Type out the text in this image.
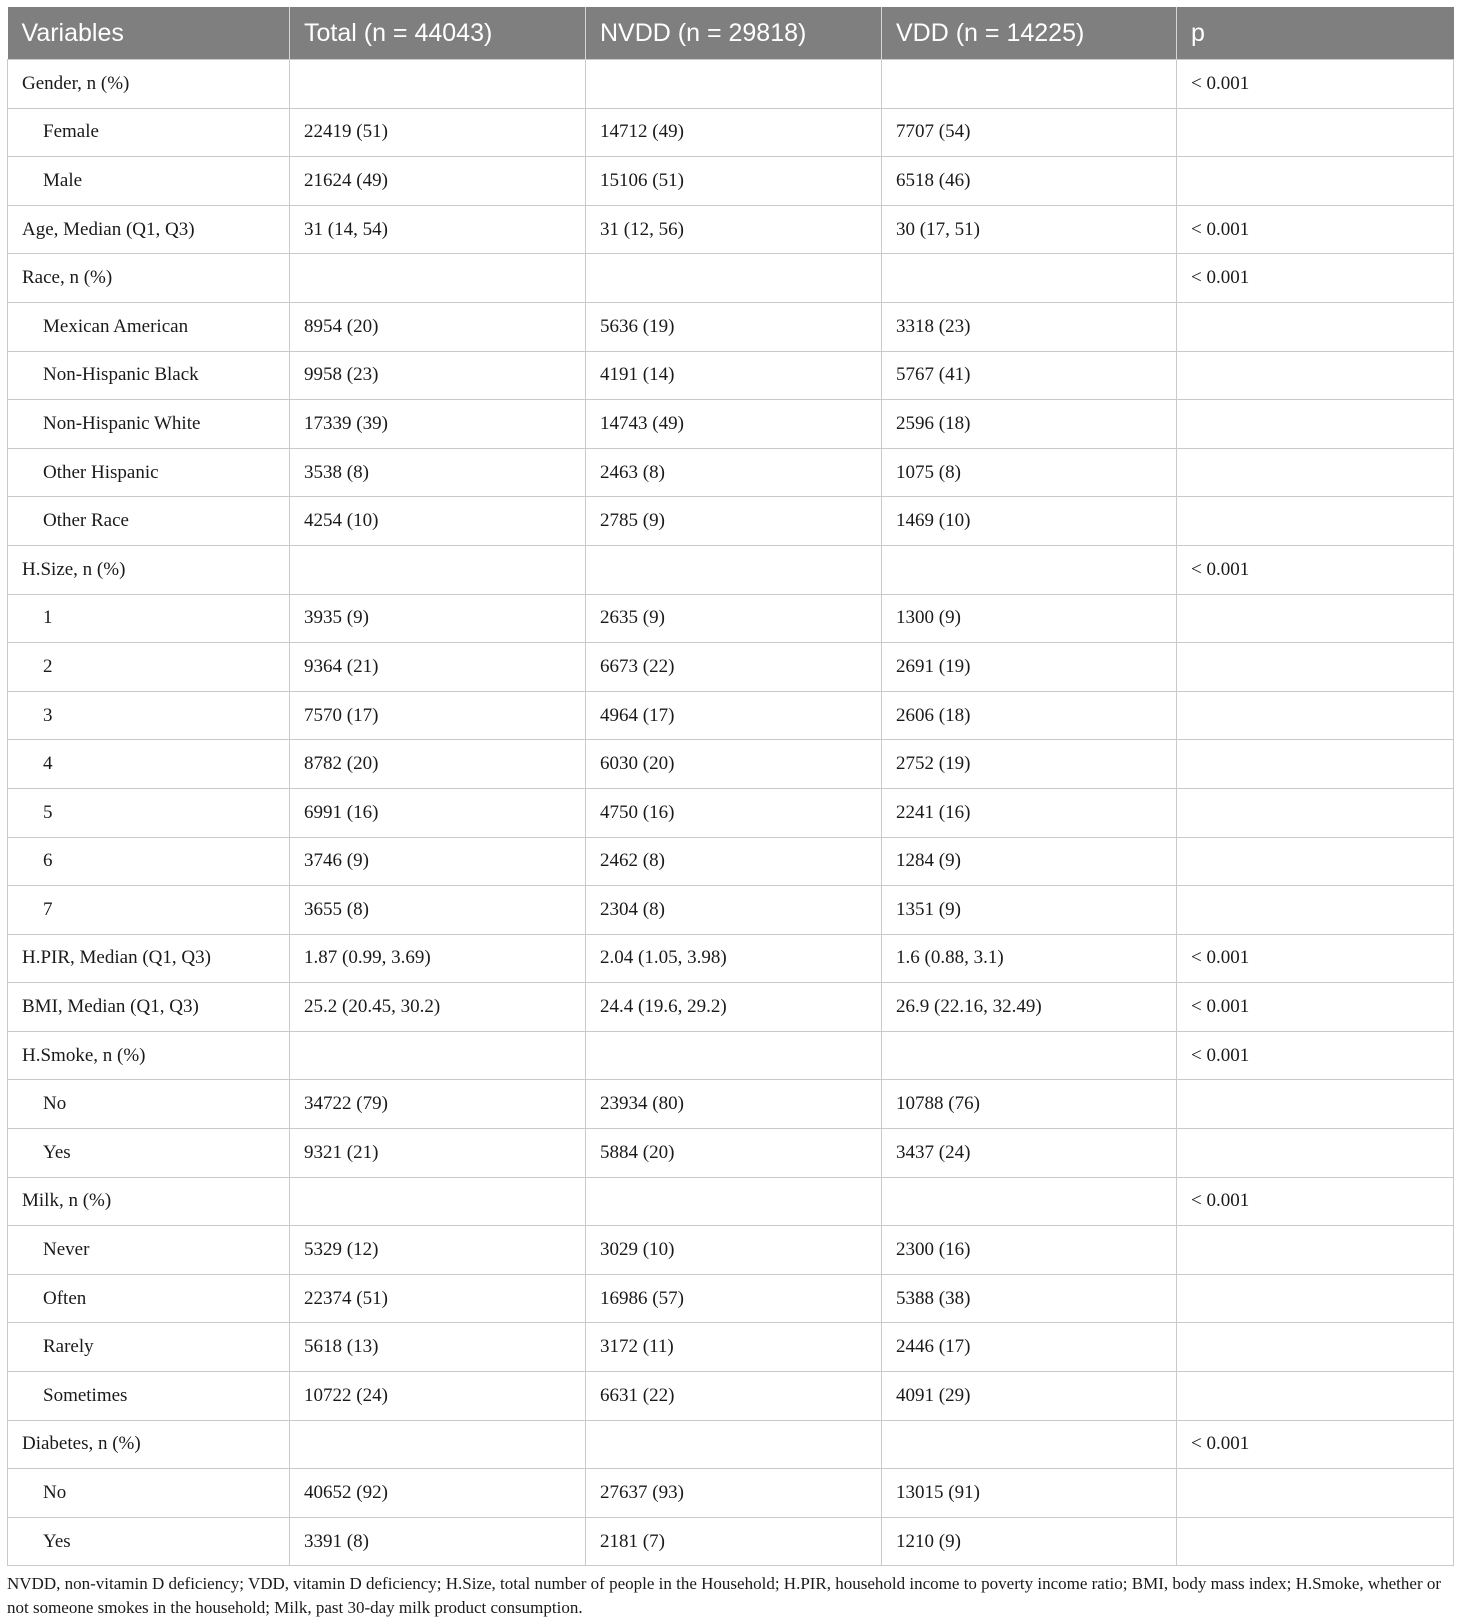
Variables	Total (n = 44043)	NVDD (n = 29818)	VDD (n = 14225)	p
Gender, n (%)				< 0.001
Female	22419 (51)	14712 (49)	7707 (54)	
Male	21624 (49)	15106 (51)	6518 (46)	
Age, Median (Q1, Q3)	31 (14, 54)	31 (12, 56)	30 (17, 51)	< 0.001
Race, n (%)				< 0.001
Mexican American	8954 (20)	5636 (19)	3318 (23)	
Non-Hispanic Black	9958 (23)	4191 (14)	5767 (41)	
Non-Hispanic White	17339 (39)	14743 (49)	2596 (18)	
Other Hispanic	3538 (8)	2463 (8)	1075 (8)	
Other Race	4254 (10)	2785 (9)	1469 (10)	
H.Size, n (%)				< 0.001
1	3935 (9)	2635 (9)	1300 (9)	
2	9364 (21)	6673 (22)	2691 (19)	
3	7570 (17)	4964 (17)	2606 (18)	
4	8782 (20)	6030 (20)	2752 (19)	
5	6991 (16)	4750 (16)	2241 (16)	
6	3746 (9)	2462 (8)	1284 (9)	
7	3655 (8)	2304 (8)	1351 (9)	
H.PIR, Median (Q1, Q3)	1.87 (0.99, 3.69)	2.04 (1.05, 3.98)	1.6 (0.88, 3.1)	< 0.001
BMI, Median (Q1, Q3)	25.2 (20.45, 30.2)	24.4 (19.6, 29.2)	26.9 (22.16, 32.49)	< 0.001
H.Smoke, n (%)				< 0.001
No	34722 (79)	23934 (80)	10788 (76)	
Yes	9321 (21)	5884 (20)	3437 (24)	
Milk, n (%)				< 0.001
Never	5329 (12)	3029 (10)	2300 (16)	
Often	22374 (51)	16986 (57)	5388 (38)	
Rarely	5618 (13)	3172 (11)	2446 (17)	
Sometimes	10722 (24)	6631 (22)	4091 (29)	
Diabetes, n (%)				< 0.001
No	40652 (92)	27637 (93)	13015 (91)	
Yes	3391 (8)	2181 (7)	1210 (9)	
NVDD, non-vitamin D deficiency; VDD, vitamin D deficiency; H.Size, total number of people in the Household; H.PIR, household income to poverty income ratio; BMI, body mass index; H.Smoke, whether or not someone smokes in the household; Milk, past 30-day milk product consumption.
